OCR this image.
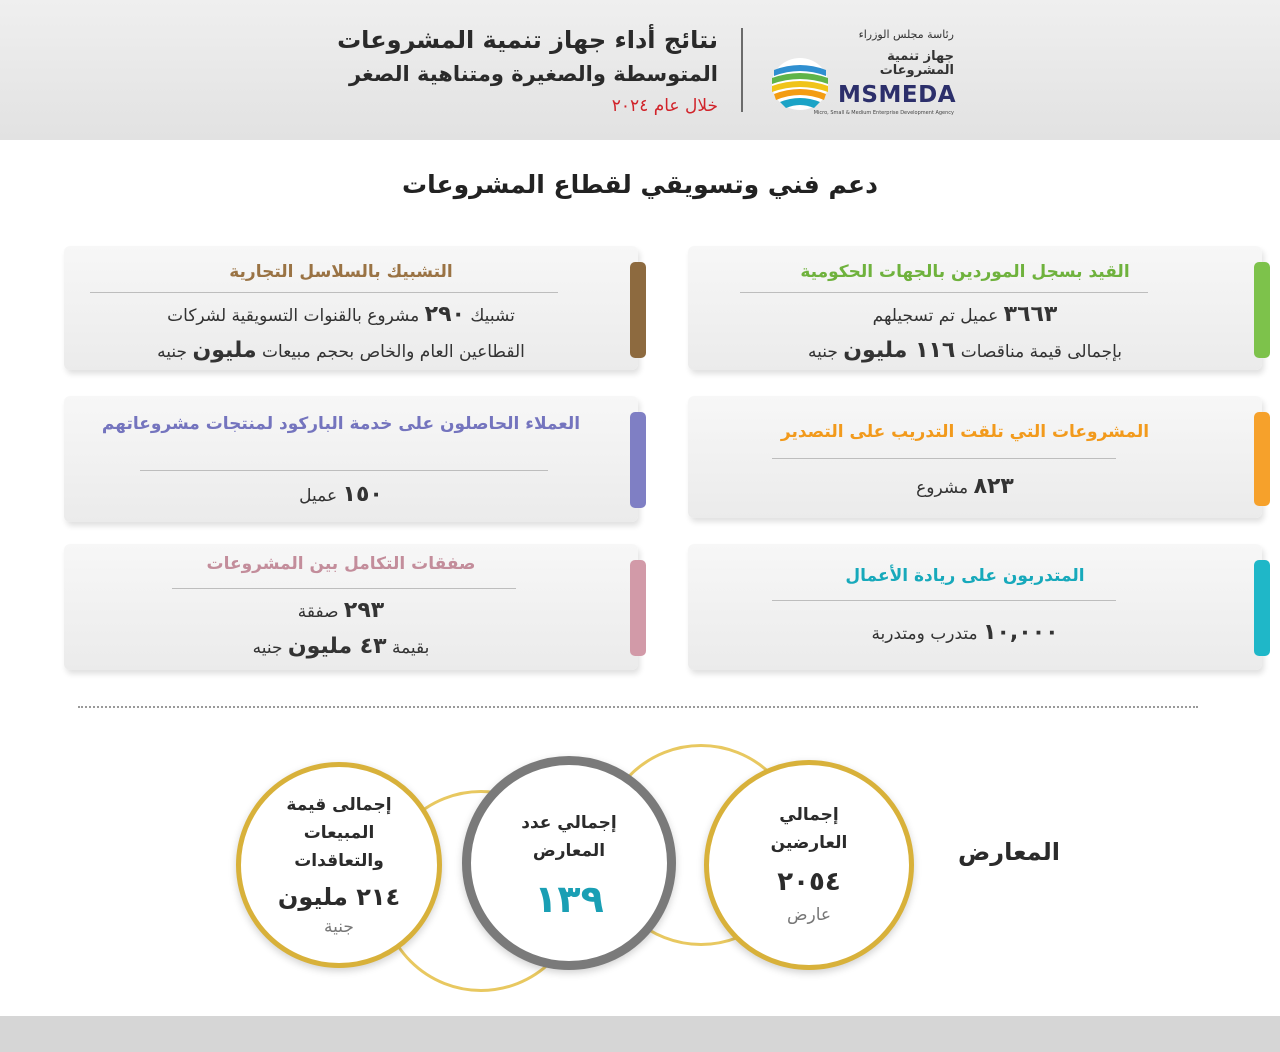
نتائج أداء جهاز تنمية المشروعات
المتوسطة والصغيرة ومتناهية الصغر
خلال عام ٢٠٢٤
رئاسة مجلس الوزراء
جهاز تنمية المشروعات
MSMEDA
Micro, Small & Medium Enterprise Development Agency
دعم فني وتسويقي لقطاع المشروعات
القيد بسجل الموردين بالجهات الحكومية
٣٦٦٣ عميل تم تسجيلهم
بإجمالى قيمة مناقصات ١١٦ مليون جنيه
التشبيك بالسلاسل التجارية
تشبيك ٢٩٠ مشروع بالقنوات التسويقية لشركات
القطاعين العام والخاص بحجم مبيعات مليون جنيه
المشروعات التي تلقت التدريب على التصدير
٨٢٣ مشروع
العملاء الحاصلون على خدمة الباركود لمنتجات مشروعاتهم
١٥٠ عميل
المتدربون على ريادة الأعمال
١٠,٠٠٠ متدرب ومتدربة
صفقات التكامل بين المشروعات
٢٩٣ صفقة
بقيمة ٤٣ مليون جنيه
المعارض
إجمالى قيمة المبيعات والتعاقدات
٢١٤ مليون
جنية
إجمالي عدد المعارض
١٣٩
إجمالي العارضين
٢٠٥٤
عارض
